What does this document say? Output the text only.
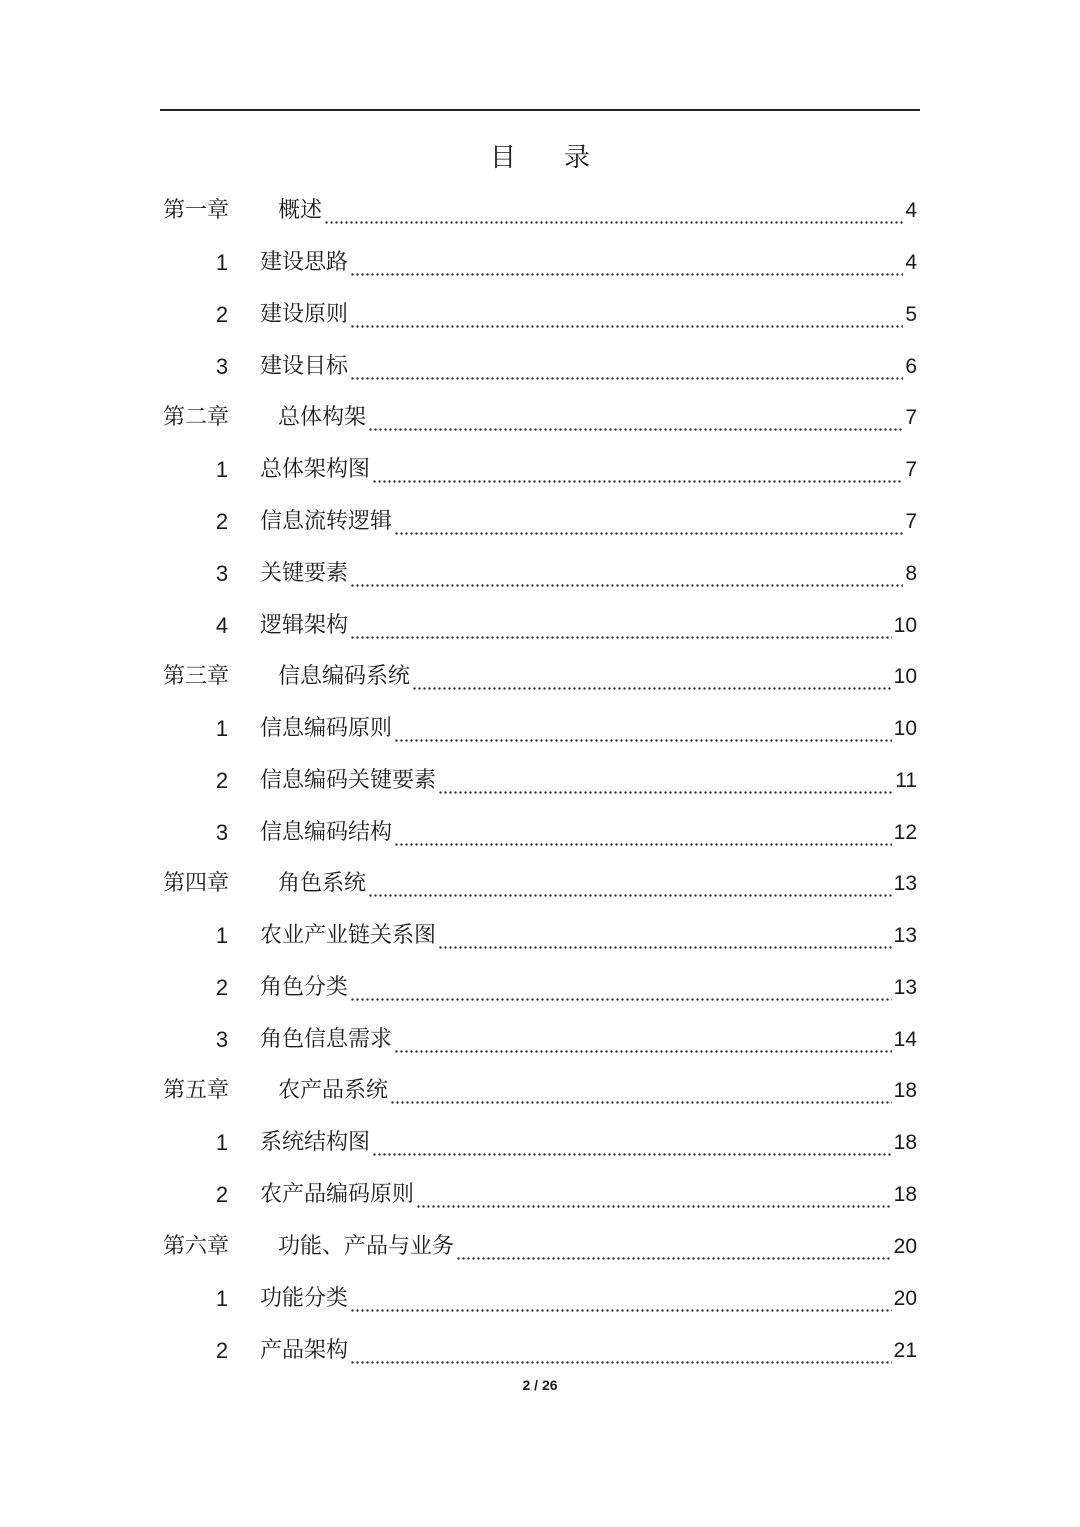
目录
第一章	概述	4
1 建设思路	4
2 建设原则	5
3 建设目标	6
第二章	总体构架	7
1 总体架构图	7
2 信息流转逻辑	7
3 关键要素	8
4 逻辑架构	10
第三章	信息编码系统	10
1 信息编码原则	10
2 信息编码关键要素	11
3 信息编码结构	12
第四章	角色系统	13
1 农业产业链关系图	13
2 角色分类	13
3 角色信息需求	14
第五章	农产品系统	18
1 系统结构图	18
2 农产品编码原则	18
第六章	功能、产品与业务	20
1 功能分类	20
2 产品架构	21
2 / 26
